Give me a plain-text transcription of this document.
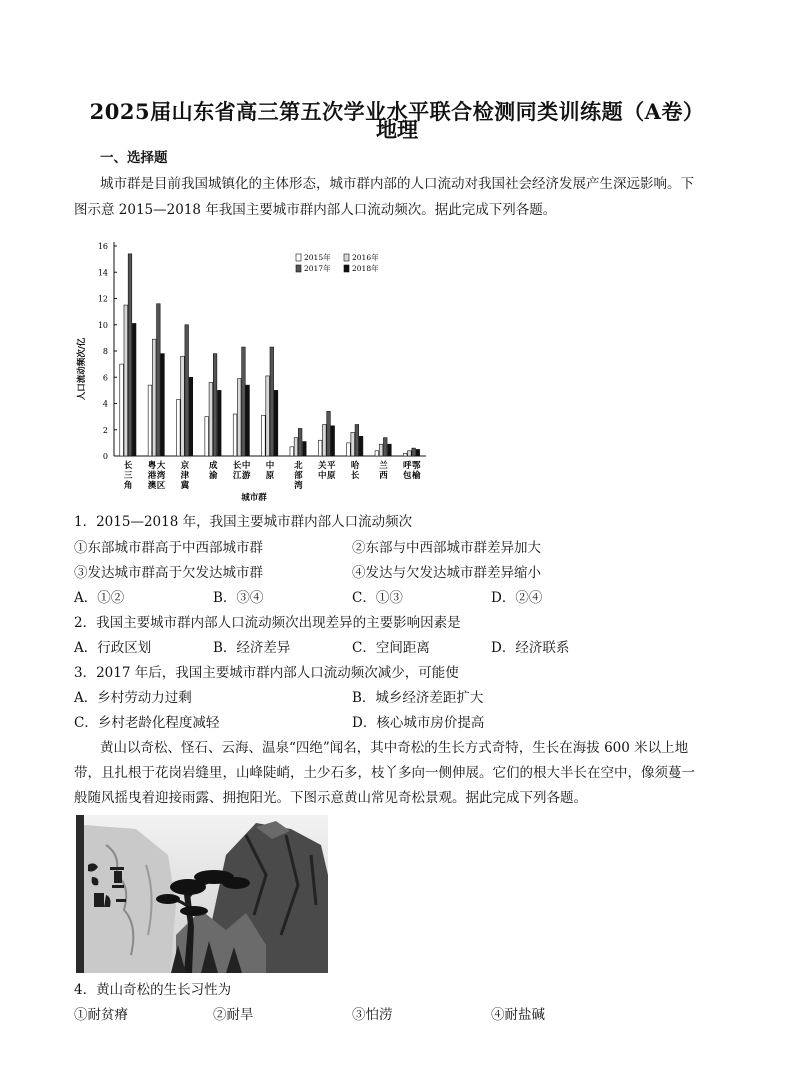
2025届山东省高三第五次学业水平联合检测同类训练题（A卷）
地理
一、选择题
城市群是目前我国城镇化的主体形态，城市群内部的人口流动对我国社会经济发展产生深远影响。下
图示意 2015—2018 年我国主要城市群内部人口流动频次。据此完成下列各题。
0
2
4
6
8
10
12
14
16
长三角
粤港澳大湾区
京津冀
成渝
长江中游
中原
北部湾
关中平原
哈长
兰西
呼包鄂榆
2015年	2016年
2017年	2018年
人口流动频次/亿
城市群
1．2015—2018 年，我国主要城市群内部人口流动频次
①东部城市群高于中西部城市群	②东部与中西部城市群差异加大
③发达城市群高于欠发达城市群	④发达与欠发达城市群差异缩小
A．①②	B．③④	C．①③	D．②④
2．我国主要城市群内部人口流动频次出现差异的主要影响因素是
A．行政区划	B．经济差异	C．空间距离	D．经济联系
3．2017 年后，我国主要城市群内部人口流动频次减少，可能使
A．乡村劳动力过剩	B．城乡经济差距扩大
C．乡村老龄化程度减轻	D．核心城市房价提高
黄山以奇松、怪石、云海、温泉“四绝”闻名，其中奇松的生长方式奇特，生长在海拔 600 米以上地
带，且扎根于花岗岩缝里，山峰陡峭，土少石多，枝丫多向一侧伸展。它们的根大半长在空中，像须蔓一
般随风摇曳着迎接雨露、拥抱阳光。下图示意黄山常见奇松景观。据此完成下列各题。
4．黄山奇松的生长习性为
①耐贫瘠	②耐旱	③怕涝	④耐盐碱
